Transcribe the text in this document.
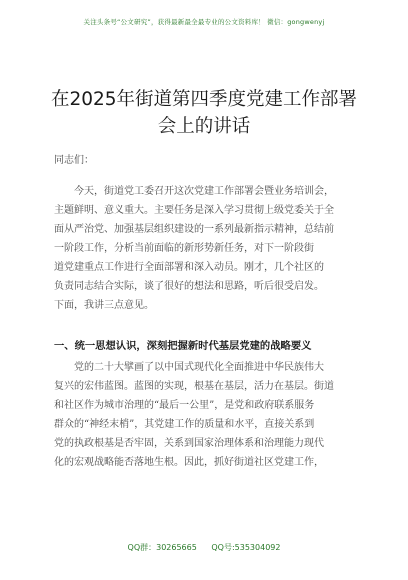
关注头条号“公文研究”，获得最新最全最专业的公文资料库！ 微信：gongwenyj
在2025年街道第四季度党建工作部署
会上的讲话
同志们：
今天，街道党工委召开这次党建工作部署会暨业务培训会，
主题鲜明、意义重大。主要任务是深入学习贯彻上级党委关于全
面从严治党、加强基层组织建设的一系列最新指示精神，总结前
一阶段工作，分析当前面临的新形势新任务，对下一阶段街
道党建重点工作进行全面部署和深入动员。刚才，几个社区的
负责同志结合实际，谈了很好的想法和思路，听后很受启发。
下面，我讲三点意见。
一、统一思想认识，深刻把握新时代基层党建的战略要义
党的二十大擘画了以中国式现代化全面推进中华民族伟大
复兴的宏伟蓝图。蓝图的实现，根基在基层，活力在基层。街道
和社区作为城市治理的“最后一公里”，是党和政府联系服务
群众的“神经末梢”，其党建工作的质量和水平，直接关系到
党的执政根基是否牢固，关系到国家治理体系和治理能力现代
化的宏观战略能否落地生根。因此，抓好街道社区党建工作，
QQ群：30265665 QQ号:535304092
